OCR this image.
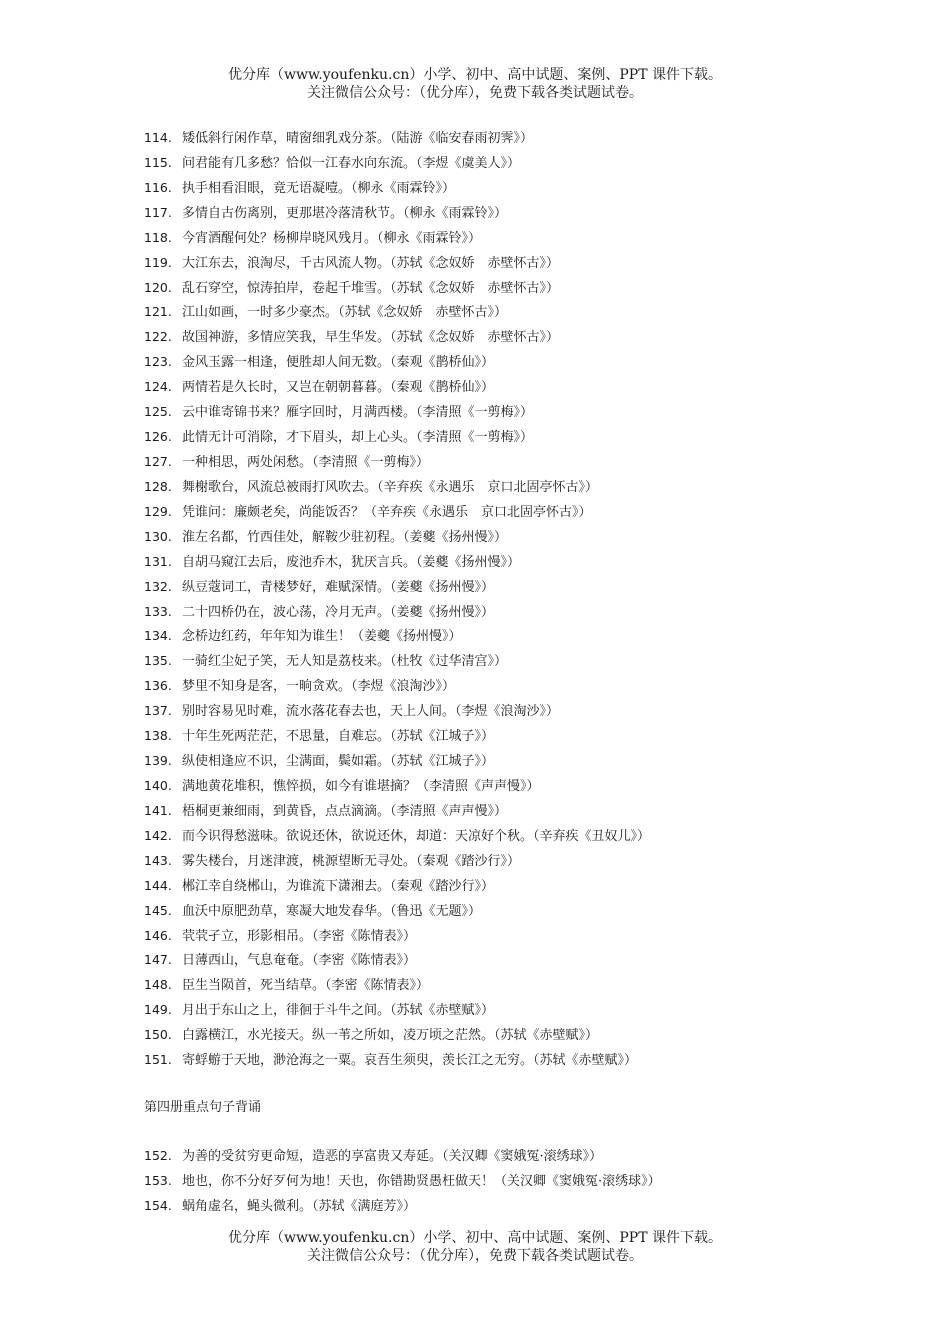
优分库（www.youfenku.cn）小学、初中、高中试题、案例、PPT 课件下载。
关注微信公众号：（优分库），免费下载各类试题试卷。
114. 矮低斜行闲作草，晴窗细乳戏分茶。（陆游《临安春雨初霁》）
115. 问君能有几多愁？恰似一江春水向东流。（李煜《虞美人》）
116. 执手相看泪眼，竟无语凝噎。（柳永《雨霖铃》）
117. 多情自古伤离别，更那堪冷落清秋节。（柳永《雨霖铃》）
118. 今宵酒醒何处？杨柳岸晓风残月。（柳永《雨霖铃》）
119. 大江东去，浪淘尽，千古风流人物。（苏轼《念奴娇　赤壁怀古》）
120. 乱石穿空，惊涛拍岸，卷起千堆雪。（苏轼《念奴娇　赤壁怀古》）
121. 江山如画，一时多少豪杰。（苏轼《念奴娇　赤壁怀古》）
122. 故国神游，多情应笑我，早生华发。（苏轼《念奴娇　赤壁怀古》）
123. 金风玉露一相逢，便胜却人间无数。（秦观《鹊桥仙》）
124. 两情若是久长时，又岂在朝朝暮暮。（秦观《鹊桥仙》）
125. 云中谁寄锦书来？雁字回时，月满西楼。（李清照《一剪梅》）
126. 此情无计可消除，才下眉头，却上心头。（李清照《一剪梅》）
127. 一种相思，两处闲愁。（李清照《一剪梅》）
128. 舞榭歌台，风流总被雨打风吹去。（辛弃疾《永遇乐　京口北固亭怀古》）
129. 凭谁问：廉颇老矣，尚能饭否？（辛弃疾《永遇乐　京口北固亭怀古》）
130. 淮左名都，竹西佳处，解鞍少驻初程。（姜夔《扬州慢》）
131. 自胡马窥江去后，废池乔木，犹厌言兵。（姜夔《扬州慢》）
132. 纵豆蔻词工，青楼梦好，难赋深情。（姜夔《扬州慢》）
133. 二十四桥仍在，波心荡，冷月无声。（姜夔《扬州慢》）
134. 念桥边红药，年年知为谁生！（姜夔《扬州慢》）
135. 一骑红尘妃子笑，无人知是荔枝来。（杜牧《过华清宫》）
136. 梦里不知身是客，一晌贪欢。（李煜《浪淘沙》）
137. 别时容易见时难，流水落花春去也，天上人间。（李煜《浪淘沙》）
138. 十年生死两茫茫，不思量，自难忘。（苏轼《江城子》）
139. 纵使相逢应不识，尘满面，鬓如霜。（苏轼《江城子》）
140. 满地黄花堆积，憔悴损，如今有谁堪摘？（李清照《声声慢》）
141. 梧桐更兼细雨，到黄昏，点点滴滴。（李清照《声声慢》）
142. 而今识得愁滋味。欲说还休，欲说还休，却道：天凉好个秋。（辛弃疾《丑奴儿》）
143. 雾失楼台，月迷津渡，桃源望断无寻处。（秦观《踏沙行》）
144. 郴江幸自绕郴山，为谁流下潇湘去。（秦观《踏沙行》）
145. 血沃中原肥劲草，寒凝大地发春华。（鲁迅《无题》）
146. 茕茕孑立，形影相吊。（李密《陈情表》）
147. 日薄西山，气息奄奄。（李密《陈情表》）
148. 臣生当陨首，死当结草。（李密《陈情表》）
149. 月出于东山之上，徘徊于斗牛之间。（苏轼《赤壁赋》）
150. 白露横江，水光接天。纵一苇之所如，凌万顷之茫然。（苏轼《赤壁赋》）
151. 寄蜉蝣于天地，渺沧海之一粟。哀吾生须臾，羡长江之无穷。（苏轼《赤壁赋》）
第四册重点句子背诵
152. 为善的受贫穷更命短，造恶的享富贵又寿延。（关汉卿《窦娥冤·滚绣球》）
153. 地也，你不分好歹何为地！天也，你错勘贤愚枉做天！（关汉卿《窦娥冤·滚绣球》）
154. 蜗角虚名，蝇头微利。（苏轼《满庭芳》）
优分库（www.youfenku.cn）小学、初中、高中试题、案例、PPT 课件下载。
关注微信公众号：（优分库），免费下载各类试题试卷。
